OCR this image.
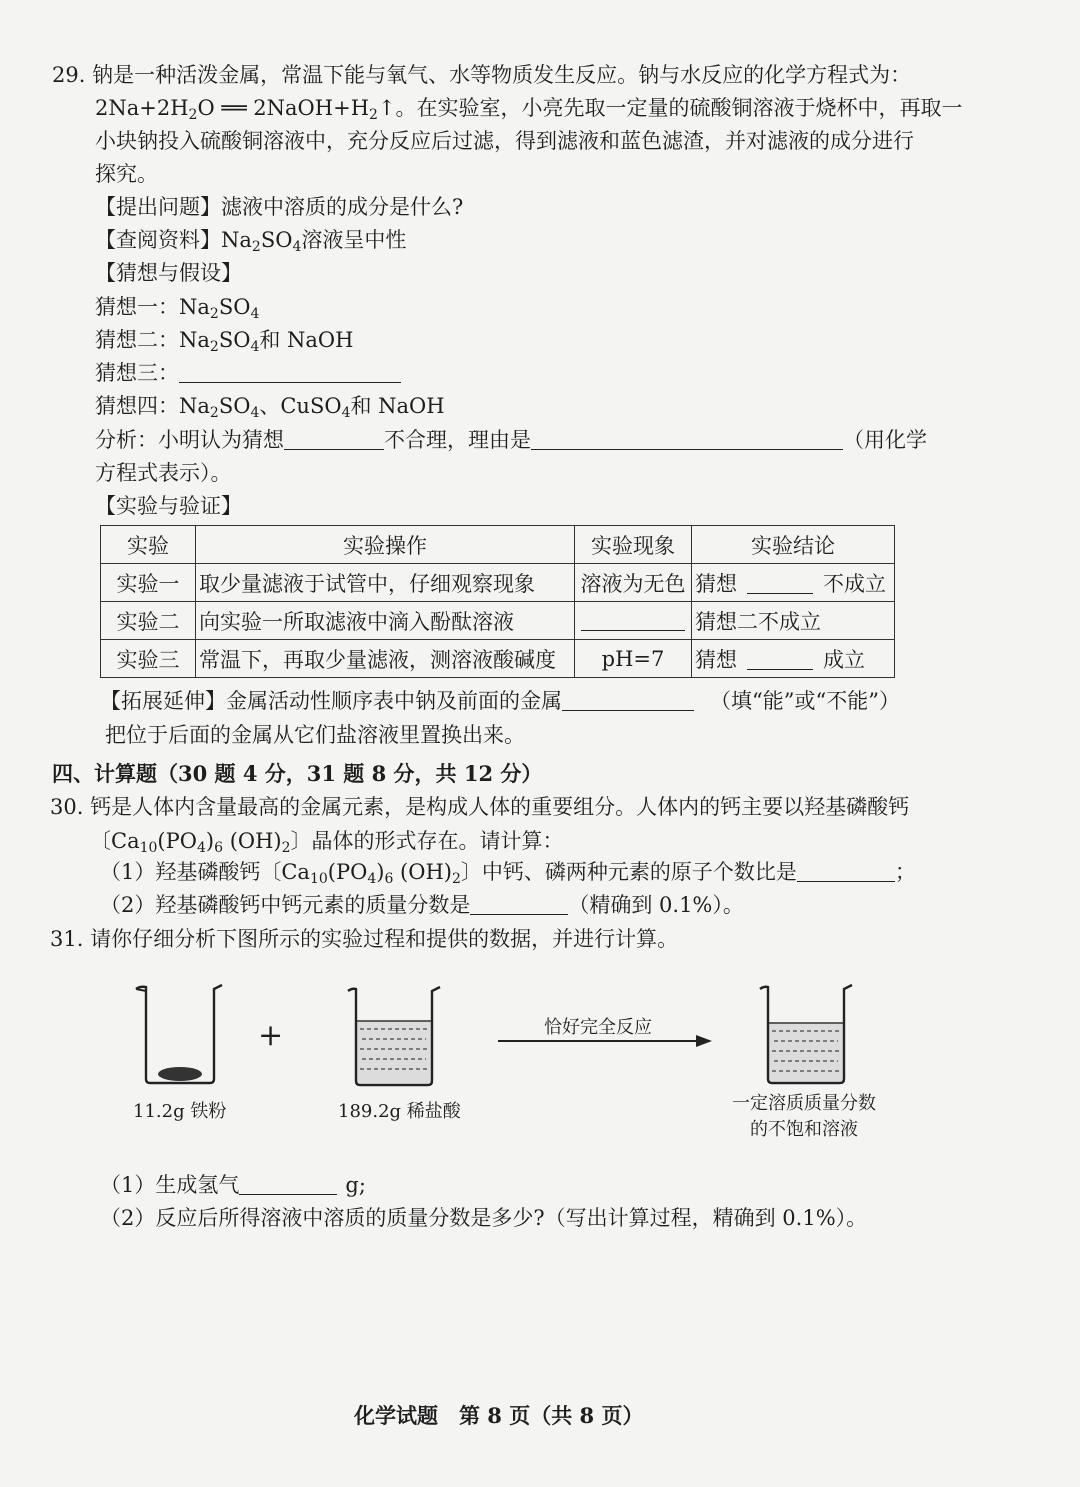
29. 钠是一种活泼金属，常温下能与氧气、水等物质发生反应。钠与水反应的化学方程式为：
$2Na+2H_2O$ ══ $2NaOH+H_2↑$。在实验室，小亮先取一定量的硫酸铜溶液于烧杯中，再取一
小块钠投入硫酸铜溶液中，充分反应后过滤，得到滤液和蓝色滤渣，并对滤液的成分进行
探究。
【提出问题】滤液中溶质的成分是什么?
【查阅资料】$Na_2SO_4$溶液呈中性
【猜想与假设】
猜想一：$Na_2SO_4$
猜想二：$Na_2SO_4$和 NaOH
猜想三：
猜想四：$Na_2SO_4$、CuSO$_4$和 NaOH
分析：小明认为猜想	不合理，理由是	（用化学
方程式表示）。
【实验与验证】
实验	实验操作	实验现象	实验结论
实验一	取少量滤液于试管中，仔细观察现象	溶液为无色	猜想 不成立
实验二	向实验一所取滤液中滴入酚酞溶液		猜想二不成立
实验三	常温下，再取少量滤液，测溶液酸碱度	pH=7	猜想 成立
【拓展延伸】金属活动性顺序表中钠及前面的金属	（填“能”或“不能”）
把位于后面的金属从它们盐溶液里置换出来。
四、计算题（30 题 4 分，31 题 8 分，共 12 分）
30. 钙是人体内含量最高的金属元素，是构成人体的重要组分。人体内的钙主要以羟基磷酸钙
〔$Ca_{10}(PO_4)_6$ $(OH)_2$〕晶体的形式存在。请计算：
（1）羟基磷酸钙〔$Ca_{10}(PO_4)_6$ $(OH)_2$〕中钙、磷两种元素的原子个数比是	；
（2）羟基磷酸钙中钙元素的质量分数是	（精确到 0.1%）。
31. 请你仔细分析下图所示的实验过程和提供的数据，并进行计算。
+	恰好完全反应
11.2g 铁粉	189.2g 稀盐酸	一定溶质质量分数
的不饱和溶液
（1）生成氢气	g;
（2）反应后所得溶液中溶质的质量分数是多少?（写出计算过程，精确到 0.1%）。
化学试题　第 8 页（共 8 页）
